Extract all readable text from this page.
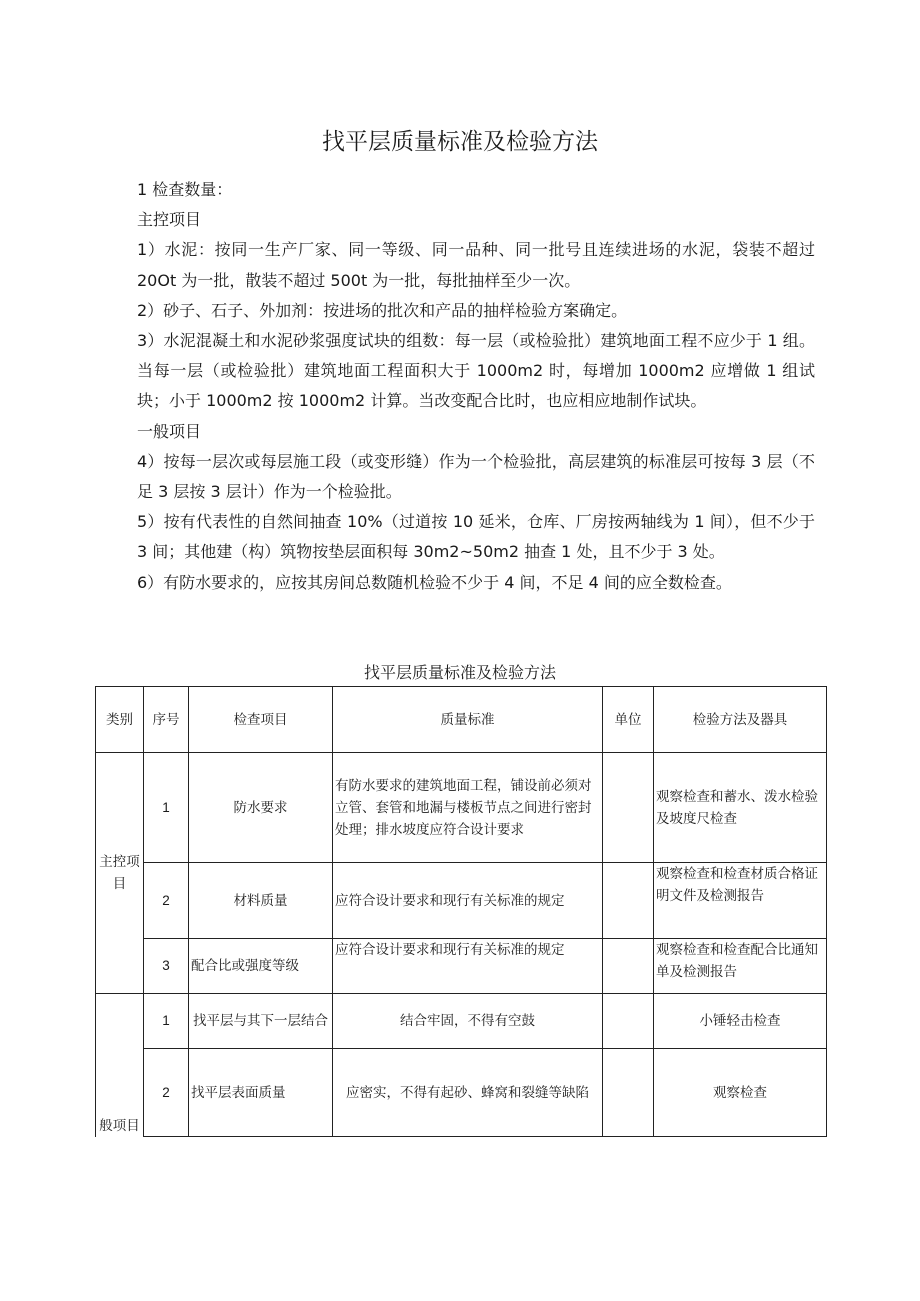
找平层质量标准及检验方法

1 检查数量：

主控项目

1）水泥：按同一生产厂家、同一等级、同一品种、同一批号且连续进场的水泥，袋装不超过 20Ot 为一批，散装不超过 500t 为一批，每批抽样至少一次。

2）砂子、石子、外加剂：按进场的批次和产品的抽样检验方案确定。

3）水泥混凝土和水泥砂浆强度试块的组数：每一层（或检验批）建筑地面工程不应少于 1 组。当每一层（或检验批）建筑地面工程面积大于 1000m2 时，每增加 1000m2 应增做 1 组试块；小于 1000m2 按 1000m2 计算。当改变配合比时，也应相应地制作试块。

一般项目

4）按每一层次或每层施工段（或变形缝）作为一个检验批，高层建筑的标准层可按每 3 层（不足 3 层按 3 层计）作为一个检验批。

5）按有代表性的自然间抽查 10%（过道按 10 延米，仓库、厂房按两轴线为 1 间），但不少于 3 间；其他建（构）筑物按垫层面积每 30m2~50m2 抽查 1 处，且不少于 3 处。

6）有防水要求的，应按其房间总数随机检验不少于 4 间，不足 4 间的应全数检查。

找平层质量标准及检验方法
类别	序号	检查项目	质量标准	单位	检验方法及器具
主控项目	1	防水要求	有防水要求的建筑地面工程，铺设前必须对立管、套管和地漏与楼板节点之间进行密封处理；排水坡度应符合设计要求		观察检查和蓄水、泼水检验及坡度尺检查
	2	材料质量	应符合设计要求和现行有关标准的规定		观察检查和检查材质合格证明文件及检测报告
	3	配合比或强度等级	应符合设计要求和现行有关标准的规定		观察检查和检查配合比通知单及检测报告
般项目	1	找平层与其下一层结合	结合牢固，不得有空鼓		小锤轻击检查
	2	找平层表面质量	应密实，不得有起砂、蜂窝和裂缝等缺陷		观察检查
